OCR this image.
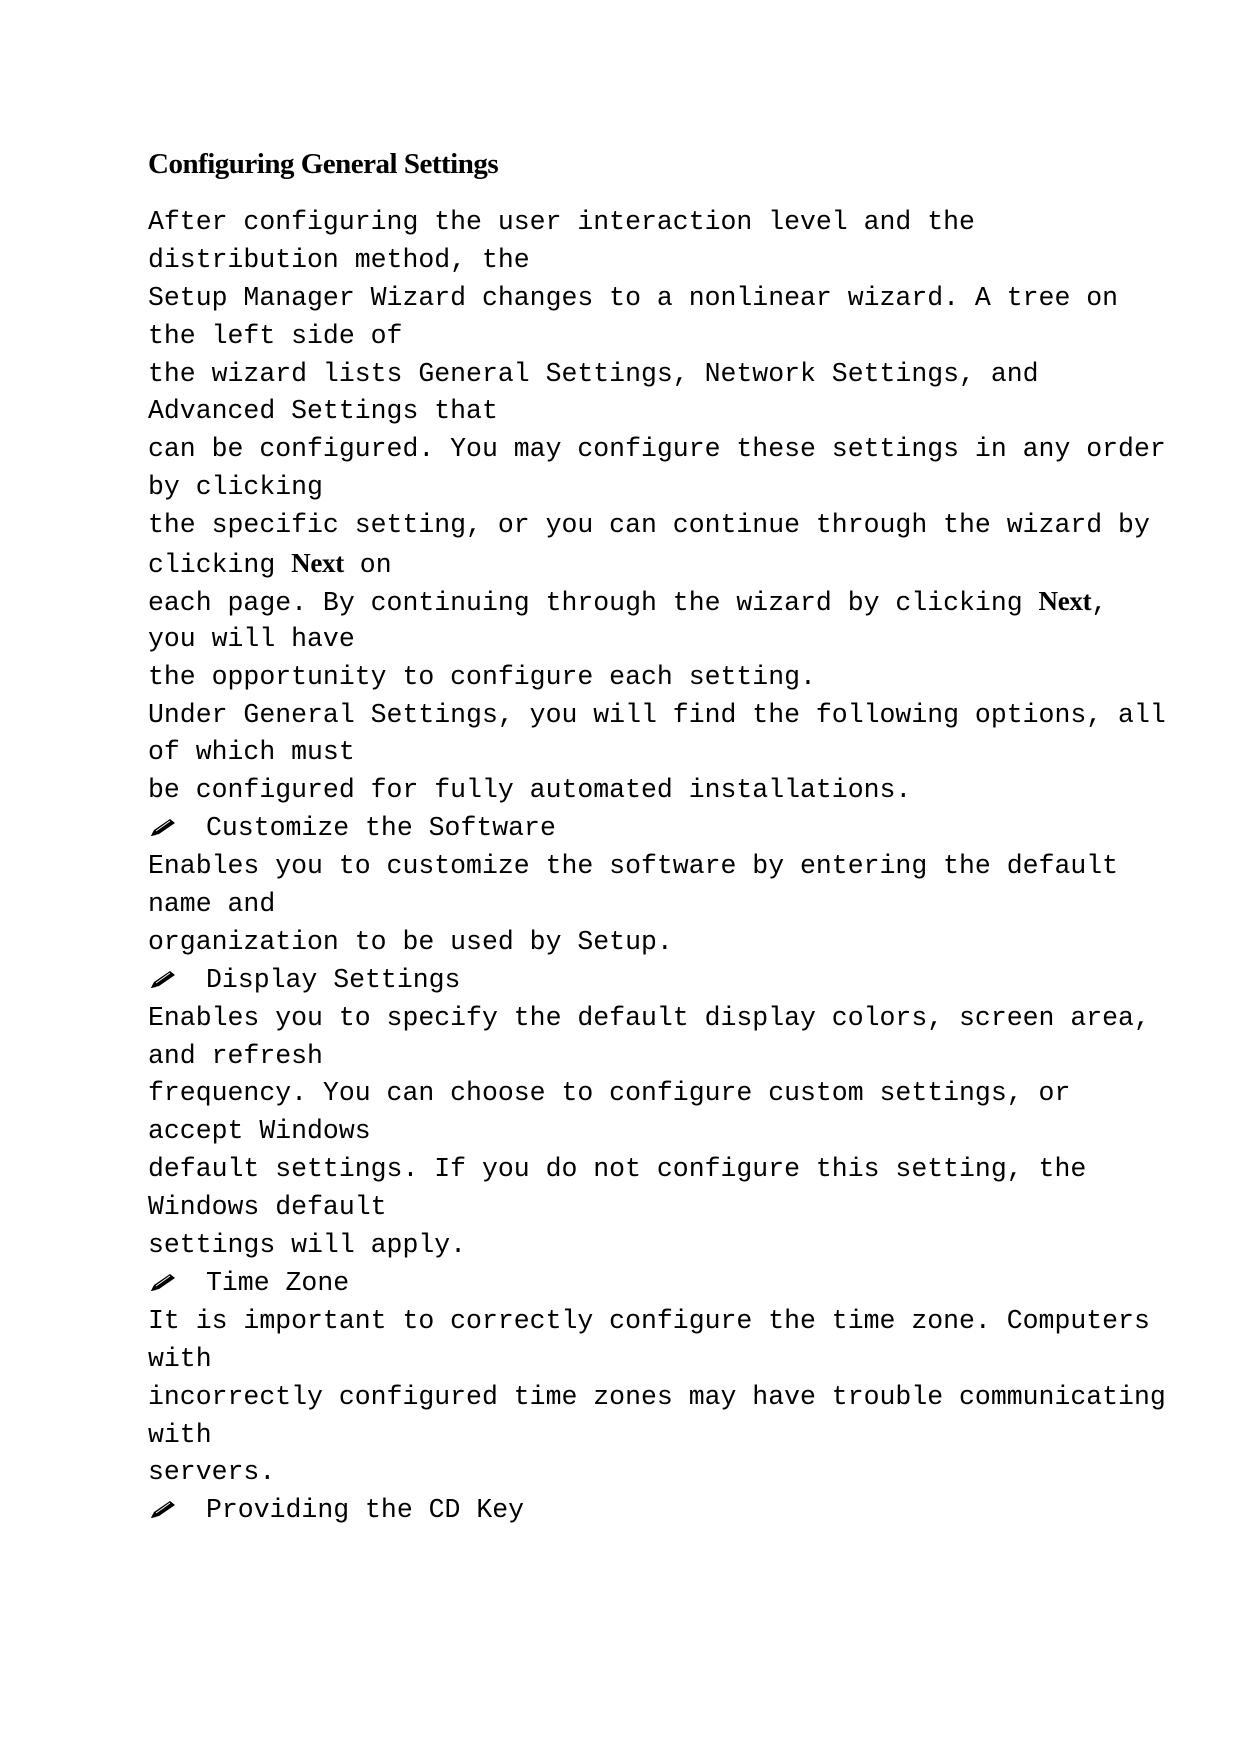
Configuring General Settings
After configuring the user interaction level and the
distribution method, the
Setup Manager Wizard changes to a nonlinear wizard. A tree on
the left side of
the wizard lists General Settings, Network Settings, and
Advanced Settings that
can be configured. You may configure these settings in any order
by clicking
the specific setting, or you can continue through the wizard by
clicking Next on
each page. By continuing through the wizard by clicking Next,
you will have
the opportunity to configure each setting.
Under General Settings, you will find the following options, all
of which must
be configured for fully automated installations.
Customize the Software
Enables you to customize the software by entering the default
name and
organization to be used by Setup.
Display Settings
Enables you to specify the default display colors, screen area,
and refresh
frequency. You can choose to configure custom settings, or
accept Windows
default settings. If you do not configure this setting, the
Windows default
settings will apply.
Time Zone
It is important to correctly configure the time zone. Computers
with
incorrectly configured time zones may have trouble communicating
with
servers.
Providing the CD Key
